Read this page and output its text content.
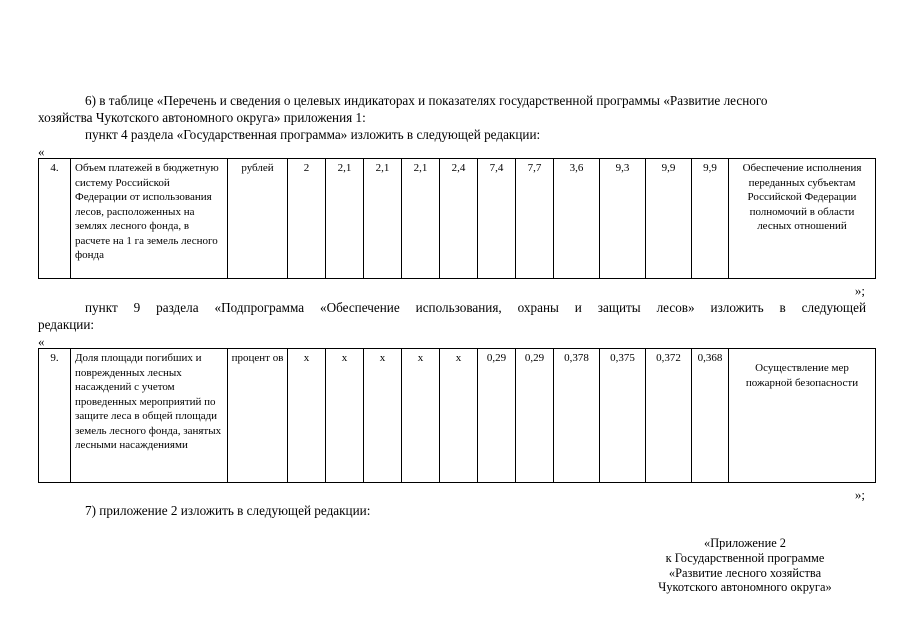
6) в таблице «Перечень и сведения о целевых индикаторах и показателях государственной программы «Развитие лесного
хозяйства Чукотского автономного округа» приложения 1:
пункт 4 раздела «Государственная программа» изложить в следующей редакции:
«
4.	Объем платежей в бюджетную систему Российской Федерации от использования лесов, расположенных на землях лесного фонда, в расчете на 1 га земель лесного фонда	рублей	2	2,1	2,1	2,1	2,4	7,4	7,7	3,6	9,3	9,9	9,9	Обеспечение исполнения переданных субъектам Российской Федерации полномочий в области лесных отношений
»;
пункт 9 раздела «Подпрограмма «Обеспечение использования, охраны и защиты лесов» изложить в следующей
редакции:
«
9.	Доля площади погибших и поврежденных лесных насаждений с учетом проведенных мероприятий по защите леса в общей площади земель лесного фонда, занятых лесными насаждениями	процент ов	x	x	x	x	x	0,29	0,29	0,378	0,375	0,372	0,368	Осуществление мер пожарной безопасности
»;
7) приложение 2 изложить в следующей редакции:
«Приложение 2
к Государственной программе
«Развитие лесного хозяйства
Чукотского автономного округа»
